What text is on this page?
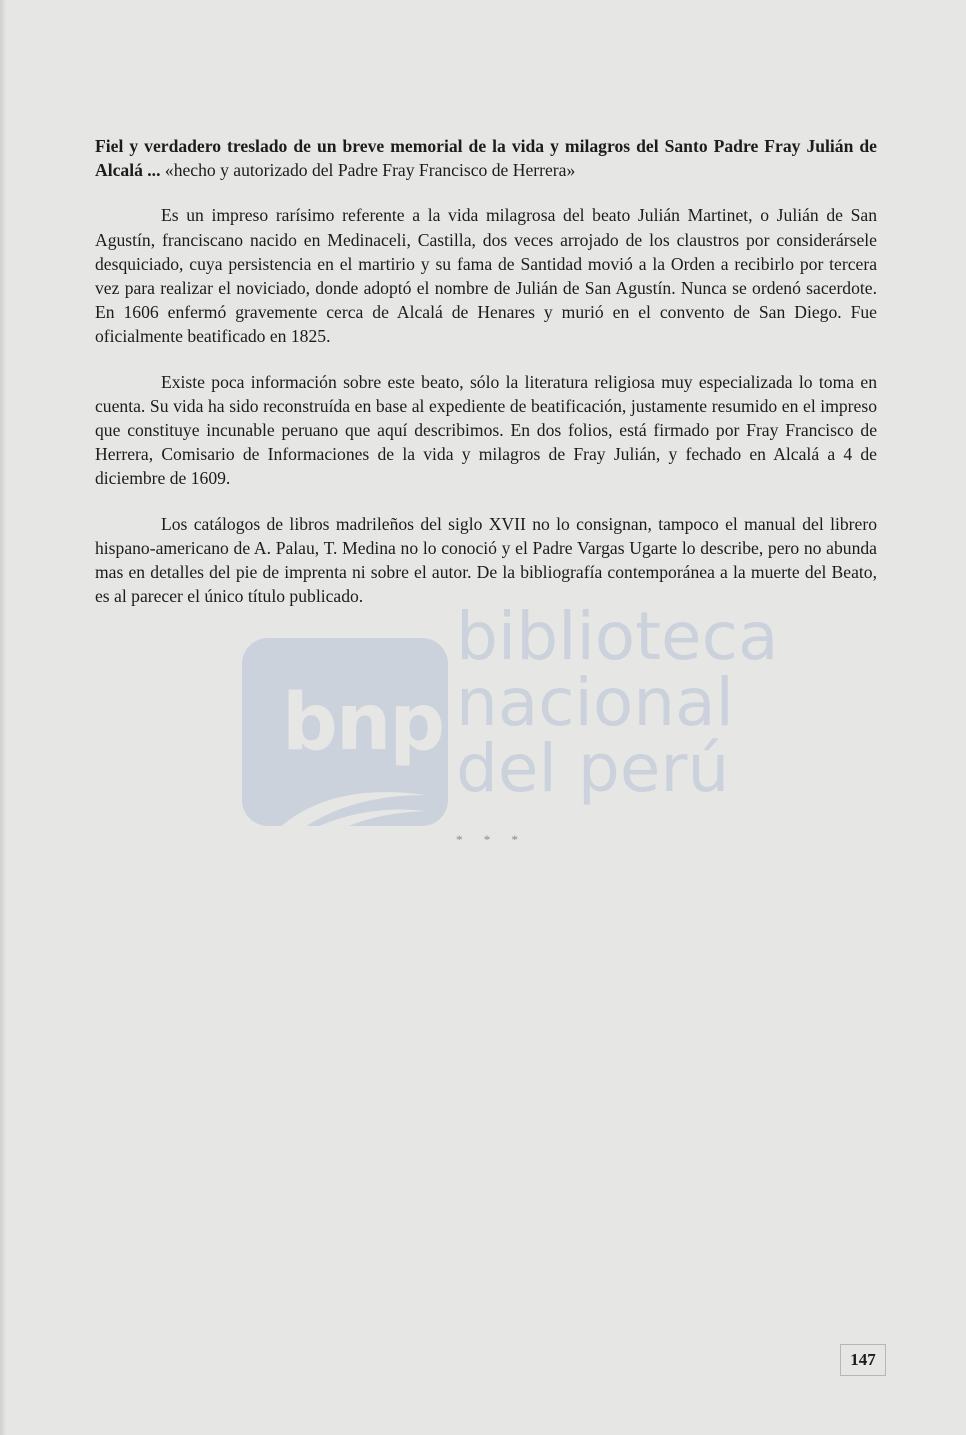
bnp
biblioteca
nacional
del perú

Fiel y verdadero treslado de un breve memorial de la vida y milagros del Santo Padre Fray Julián de Alcalá ... «hecho y autorizado del Padre Fray Francisco de Herrera»

Es un impreso rarísimo referente a la vida milagrosa del beato Julián Martinet, o Julián de San Agustín, franciscano nacido en Medinaceli, Castilla, dos veces arrojado de los claustros por considerársele desquiciado, cuya persistencia en el martirio y su fama de Santidad movió a la Orden a recibirlo por tercera vez para realizar el noviciado, donde adoptó el nombre de Julián de San Agustín. Nunca se ordenó sacerdote. En 1606 enfermó gravemente cerca de Alcalá de Henares y murió en el convento de San Diego. Fue oficialmente beatificado en 1825.

Existe poca información sobre este beato, sólo la literatura religiosa muy especializada lo toma en cuenta. Su vida ha sido reconstruída en base al expediente de beatificación, justamente resumido en el impreso que constituye incunable peruano que aquí describimos. En dos folios, está firmado por Fray Francisco de Herrera, Comisario de Informaciones de la vida y milagros de Fray Julián, y fechado en Alcalá a 4 de diciembre de 1609.

Los catálogos de libros madrileños del siglo XVII no lo consignan, tampoco el manual del librero hispano-americano de A. Palau, T. Medina no lo conoció y el Padre Vargas Ugarte lo describe, pero no abunda mas en detalles del pie de imprenta ni sobre el autor. De la bibliografía contemporánea a la muerte del Beato, es al parecer el único título publicado.

* * *
147
